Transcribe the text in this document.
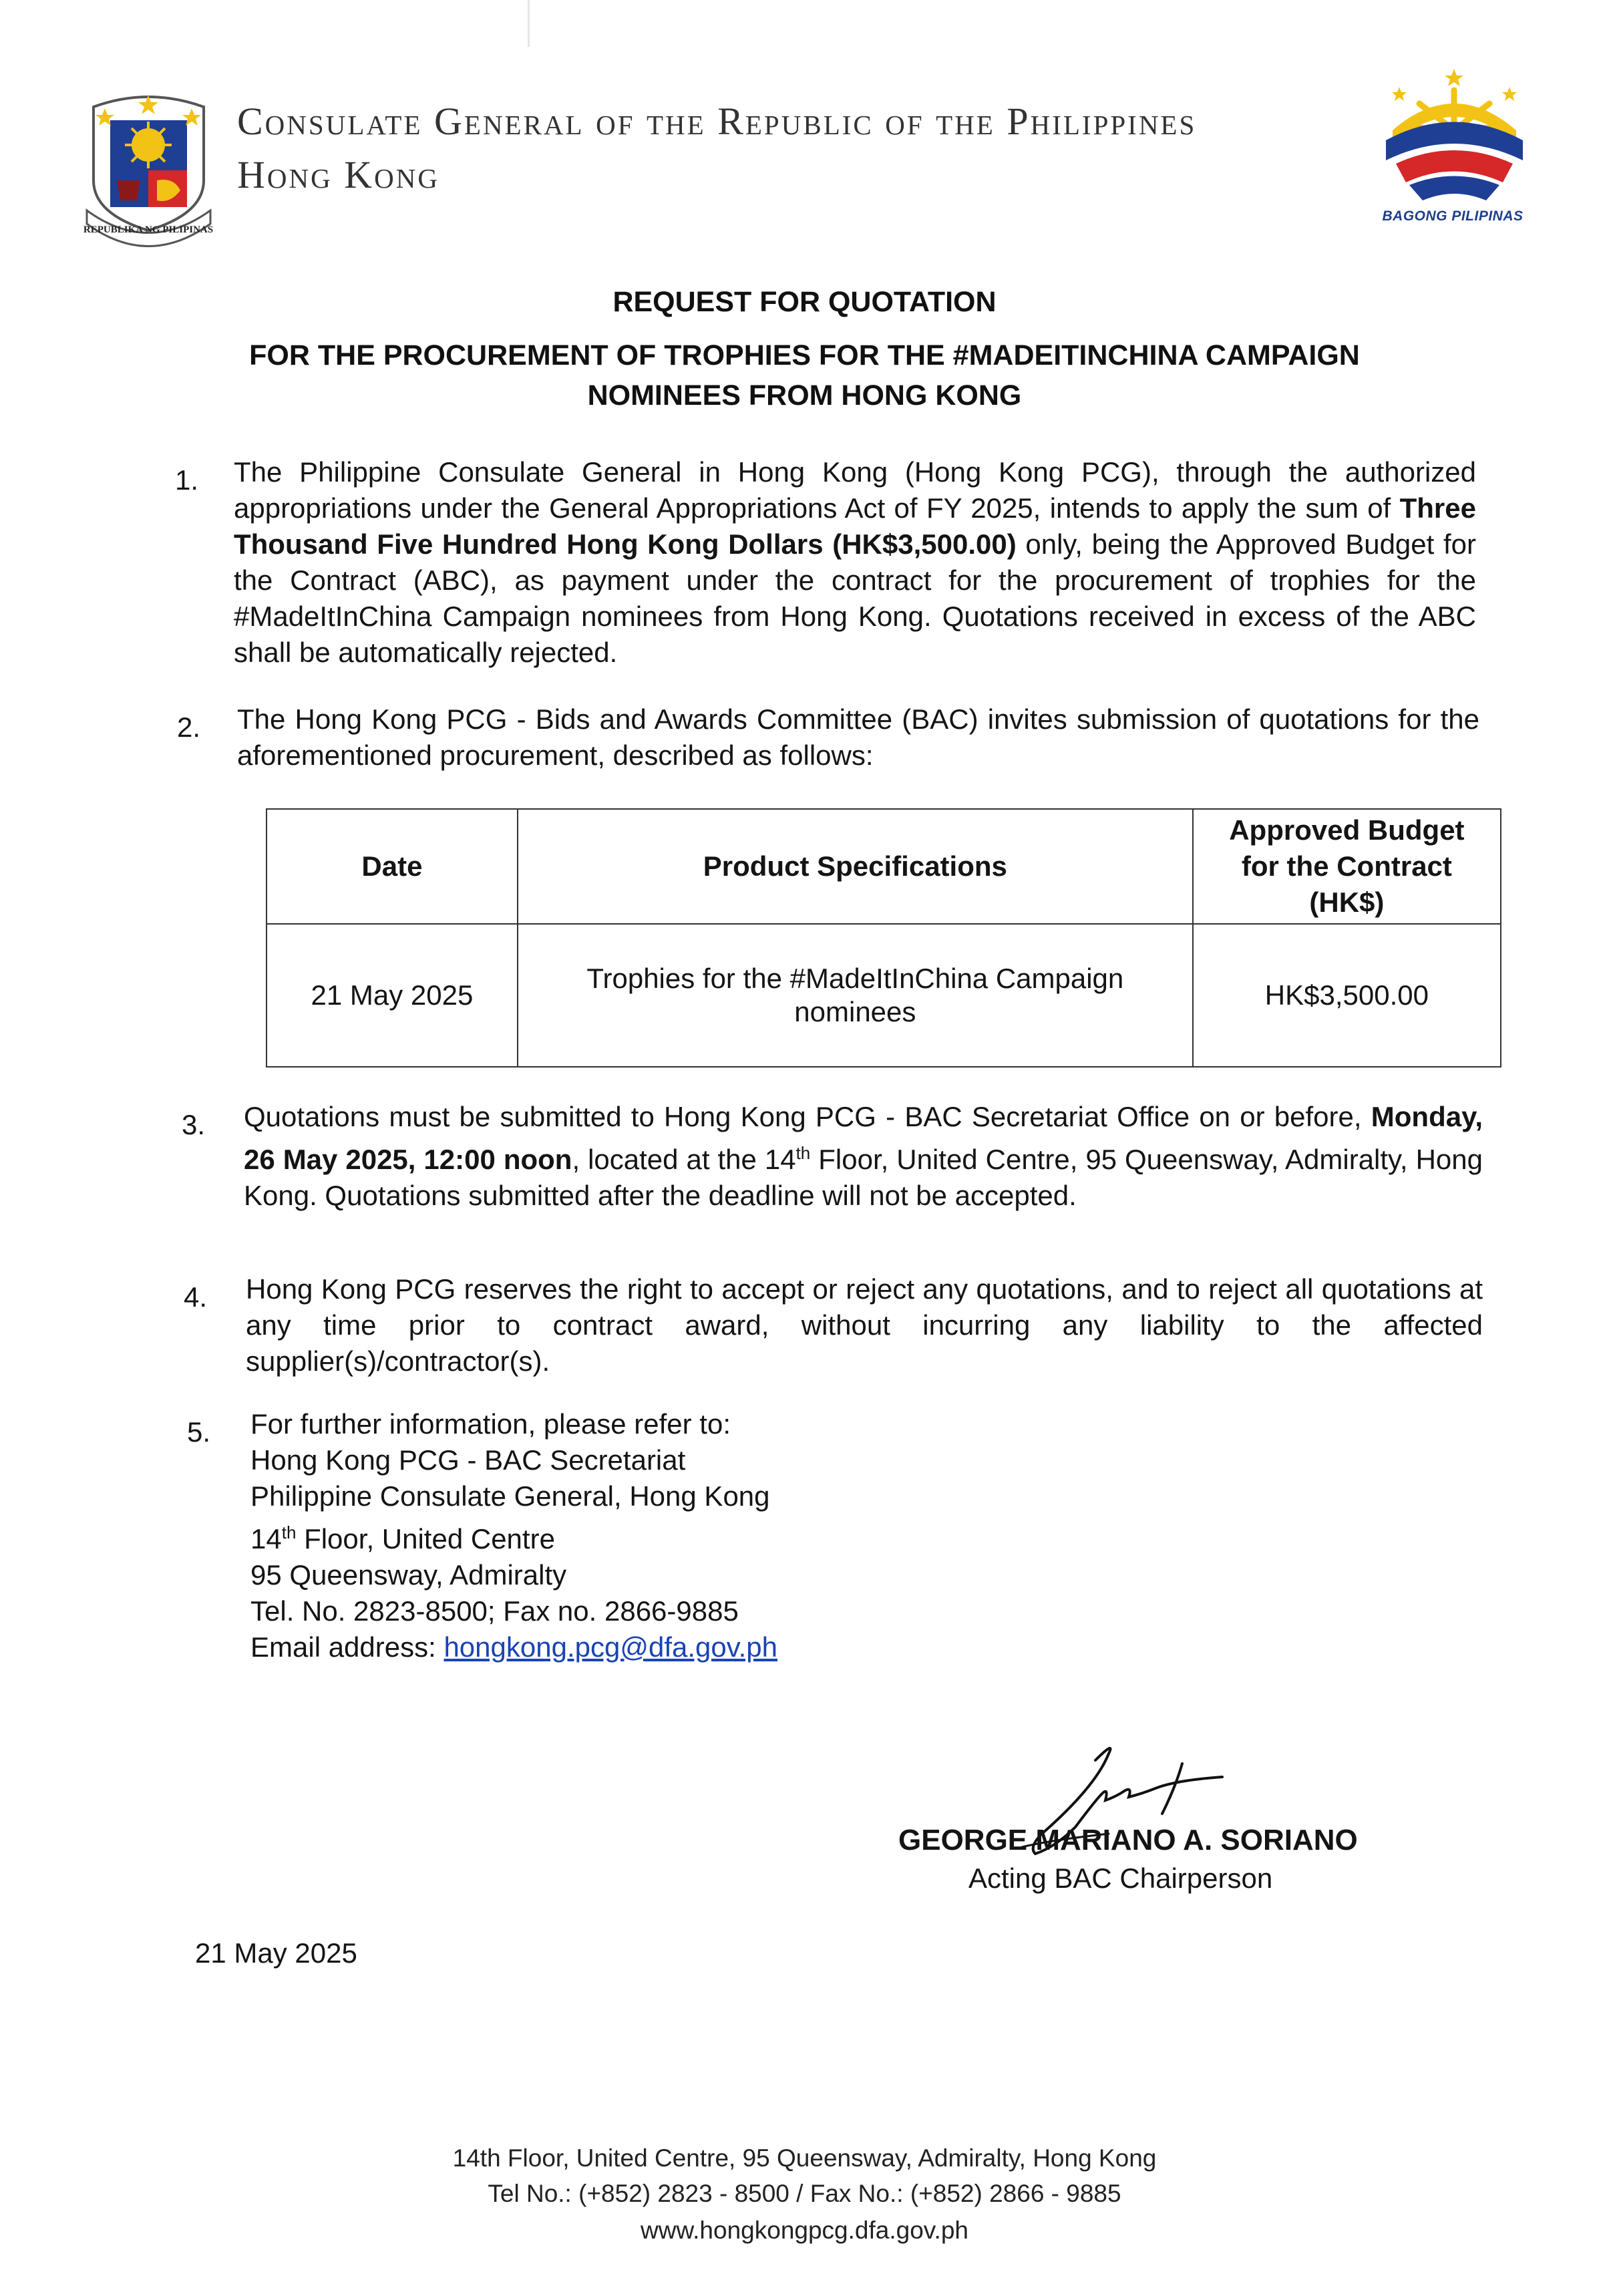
REPUBLIKA NG PILIPINAS
Consulate General of the Republic of the Philippines
Hong Kong
BAGONG PILIPINAS
REQUEST FOR QUOTATION
FOR THE PROCUREMENT OF TROPHIES FOR THE #MADEITINCHINA CAMPAIGN
NOMINEES FROM HONG KONG
1.	The Philippine Consulate General in Hong Kong (Hong Kong PCG), through the authorized appropriations under the General Appropriations Act of FY 2025, intends to apply the sum of Three Thousand Five Hundred Hong Kong Dollars (HK$3,500.00) only, being the Approved Budget for the Contract (ABC), as payment under the contract for the procurement of trophies for the #MadeItInChina Campaign nominees from Hong Kong. Quotations received in excess of the ABC shall be automatically rejected.
2.	The Hong Kong PCG - Bids and Awards Committee (BAC) invites submission of quotations for the aforementioned procurement, described as follows:
Date	Product Specifications	Approved Budget for the Contract (HK$)

21 May 2025	Trophies for the #MadeItInChina Campaign nominees	HK$3,500.00
3.	Quotations must be submitted to Hong Kong PCG - BAC Secretariat Office on or before, Monday, 26 May 2025, 12:00 noon, located at the 14th Floor, United Centre, 95 Queensway, Admiralty, Hong Kong. Quotations submitted after the deadline will not be accepted.
4.	Hong Kong PCG reserves the right to accept or reject any quotations, and to reject all quotations at any time prior to contract award, without incurring any liability to the affected supplier(s)/contractor(s).
5.	For further information, please refer to:
Hong Kong PCG - BAC Secretariat
Philippine Consulate General, Hong Kong
14th Floor, United Centre
95 Queensway, Admiralty
Tel. No. 2823-8500; Fax no. 2866-9885
Email address: hongkong.pcg@dfa.gov.ph
GEORGE MARIANO A. SORIANO
Acting BAC Chairperson
21 May 2025
14th Floor, United Centre, 95 Queensway, Admiralty, Hong Kong
Tel No.: (+852) 2823 - 8500 / Fax No.: (+852) 2866 - 9885
www.hongkongpcg.dfa.gov.ph
